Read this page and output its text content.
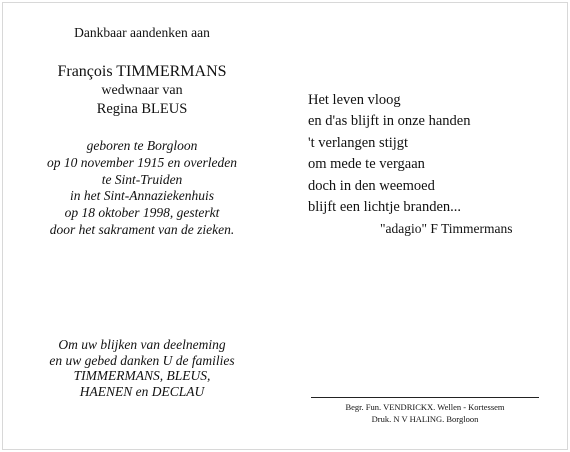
Dankbaar aandenken aan
François TIMMERMANS
wedwnaar van
Regina BLEUS
geboren te Borgloon
op 10 november 1915 en overleden
te Sint-Truiden
in het Sint-Annaziekenhuis
op 18 oktober 1998, gesterkt
door het sakrament van de zieken.
Om uw blijken van deelneming
en uw gebed danken U de families
TIMMERMANS, BLEUS,
HAENEN en DECLAU
Het leven vloog
en d'as blijft in onze handen
't verlangen stijgt
om mede te vergaan
doch in den weemoed
blijft een lichtje branden...
"adagio" F Timmermans
Begr. Fun. VENDRICKX. Wellen - Kortessem
Druk. N V HALING. Borgloon
